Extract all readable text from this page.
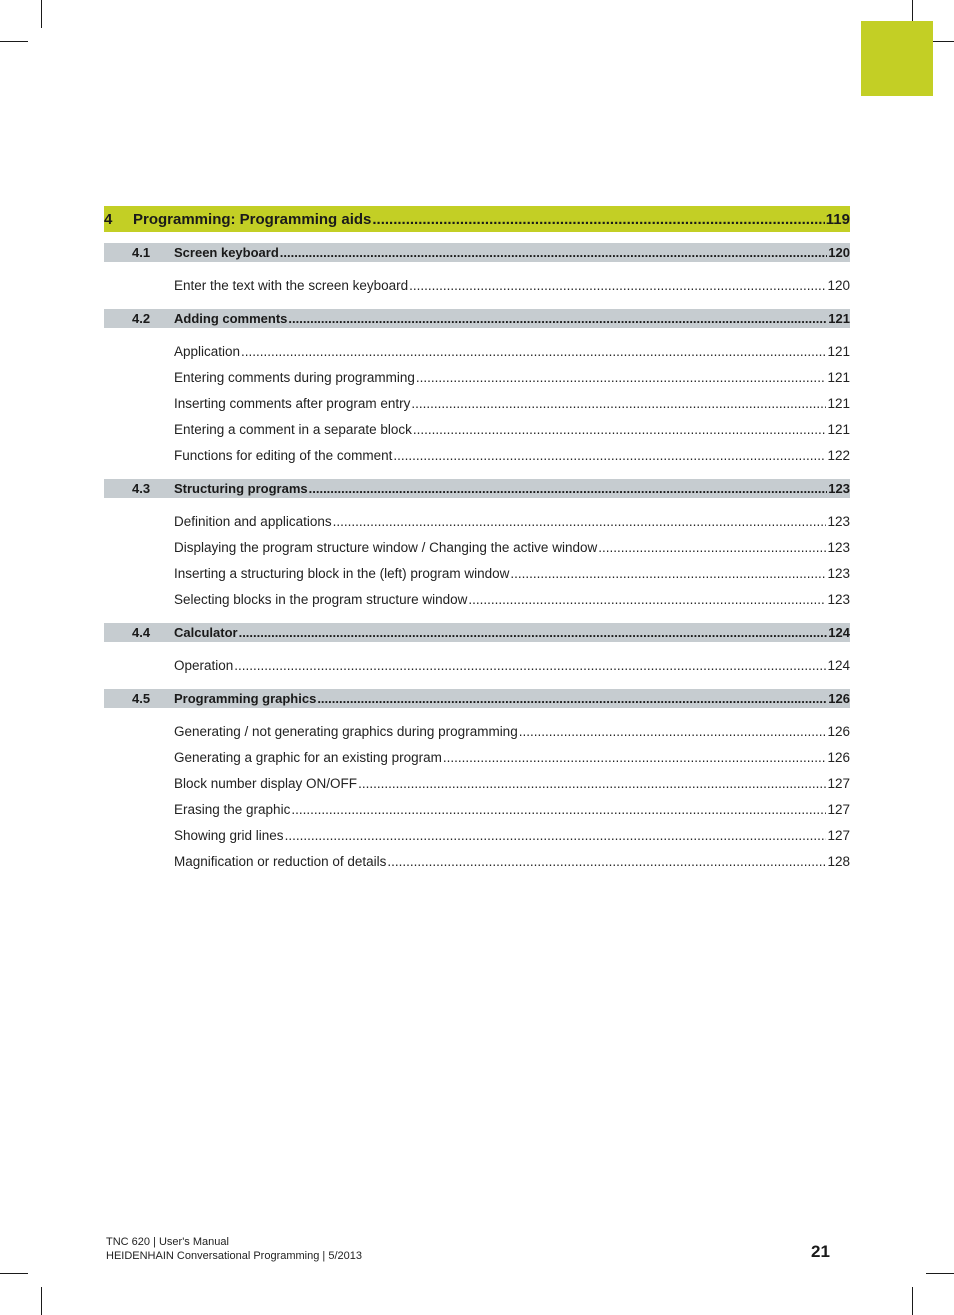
4 Programming: Programming aids .....	119
4.1 Screen keyboard .....	120
Enter the text with the screen keyboard .....	120
4.2 Adding comments .....	121
Application .....	121
Entering comments during programming .....	121
Inserting comments after program entry .....	121
Entering a comment in a separate block .....	121
Functions for editing of the comment .....	122
4.3 Structuring programs .....	123
Definition and applications .....	123
Displaying the program structure window / Changing the active window .....	123
Inserting a structuring block in the (left) program window .....	123
Selecting blocks in the program structure window .....	123
4.4 Calculator .....	124
Operation .....	124
4.5 Programming graphics .....	126
Generating / not generating graphics during programming .....	126
Generating a graphic for an existing program .....	126
Block number display ON/OFF .....	127
Erasing the graphic .....	127
Showing grid lines .....	127
Magnification or reduction of details .....	128
TNC 620 | User's Manual
HEIDENHAIN Conversational Programming | 5/2013	21
